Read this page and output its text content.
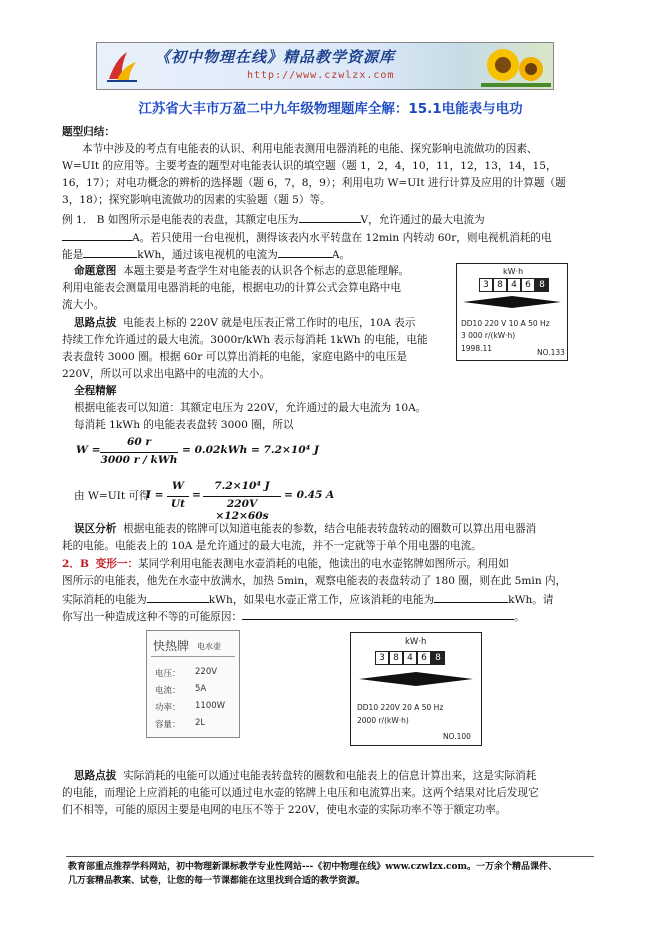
《初中物理在线》精品教学资源库
http://www.czwlzx.com
江苏省大丰市万盈二中九年级物理题库全解：15.1电能表与电功
题型归结：
本节中涉及的考点有电能表的认识、利用电能表测用电器消耗的电能、探究影响电流做功的因素、
W=UIt 的应用等。主要考查的题型对电能表认识的填空题（题 1，2，4，10，11，12，13，14，15，
16，17）；对电功概念的辨析的选择题（题 6，7，8，9）；利用电功 W=UIt 进行计算及应用的计算题（题
3，18）；探究影响电流做功的因素的实验题（题 5）等。
例 1． B 如图所示是电能表的表盘，其额定电压为	V，允许通过的最大电流为
A。若只使用一台电视机，测得该表内水平转盘在 12min 内转动 60r，则电视机消耗的电
能是	kWh，通过该电视机的电流为	A。
命题意图 本题主要是考查学生对电能表的认识各个标志的意思能理解。
利用电能表会测量用电器消耗的电能，根据电功的计算公式会算电路中电
流大小。
思路点拔 电能表上标的 220V 就是电压表正常工作时的电压，10A 表示
持续工作允许通过的最大电流。3000r/kWh 表示每消耗 1kWh 的电能，电能
表表盘转 3000 圈。根据 60r 可以算出消耗的电能，家庭电路中的电压是
220V，所以可以求出电路中的电流的大小。
全程精解
根据电能表可以知道：其额定电压为 220V，允许通过的最大电流为 10A。
每消耗 1kWh 的电能表表盘转 3000 圈，所以
W =
60 r
3000 r / kWh
= 0.02kWh = 7.2×10⁴ J
由 W=UIt 可得
I =
W
Ut
=
7.2×10⁴ J
220V ×12×60s
= 0.45 A
误区分析 根据电能表的铭牌可以知道电能表的参数，结合电能表转盘转动的圈数可以算出用电器消
耗的电能。电能表上的 10A 是允许通过的最大电流，并不一定就等于单个用电器的电流。
kW·h
3 8 4 6 8
DD10 220 V 10 A 50 Hz
3 000 r/(kW·h)
1998.11	NO.133
2．B 变形一：某同学利用电能表测电水壶消耗的电能，他读出的电水壶铭牌如图所示。利用如
图所示的电能表，他先在水壶中放满水，加热 5min，观察电能表的表盘转动了 180 圈，则在此 5min 内，
实际消耗的电能为	kWh，如果电水壶正常工作，应该消耗的电能为	kWh。请
你写出一种造成这种不等的可能原因：	。
快热牌 电水壶
电压： 220V
电流： 5A
功率： 1100W
容量： 2L
kW·h
3 8 4 6 8
DD10 220V 20 A 50 Hz
2000 r/(kW·h)
NO.100
思路点拔 实际消耗的电能可以通过电能表转盘转的圈数和电能表上的信息计算出来，这是实际消耗
的电能，而理论上应消耗的电能可以通过电水壶的铭牌上电压和电流算出来。这两个结果对比后发现它
们不相等，可能的原因主要是电网的电压不等于 220V，使电水壶的实际功率不等于额定功率。
教育部重点推荐学科网站，初中物理新课标教学专业性网站---《初中物理在线》www.czwlzx.com。一万余个精品课件、
几万套精品教案、试卷，让您的每一节课都能在这里找到合适的教学资源。
